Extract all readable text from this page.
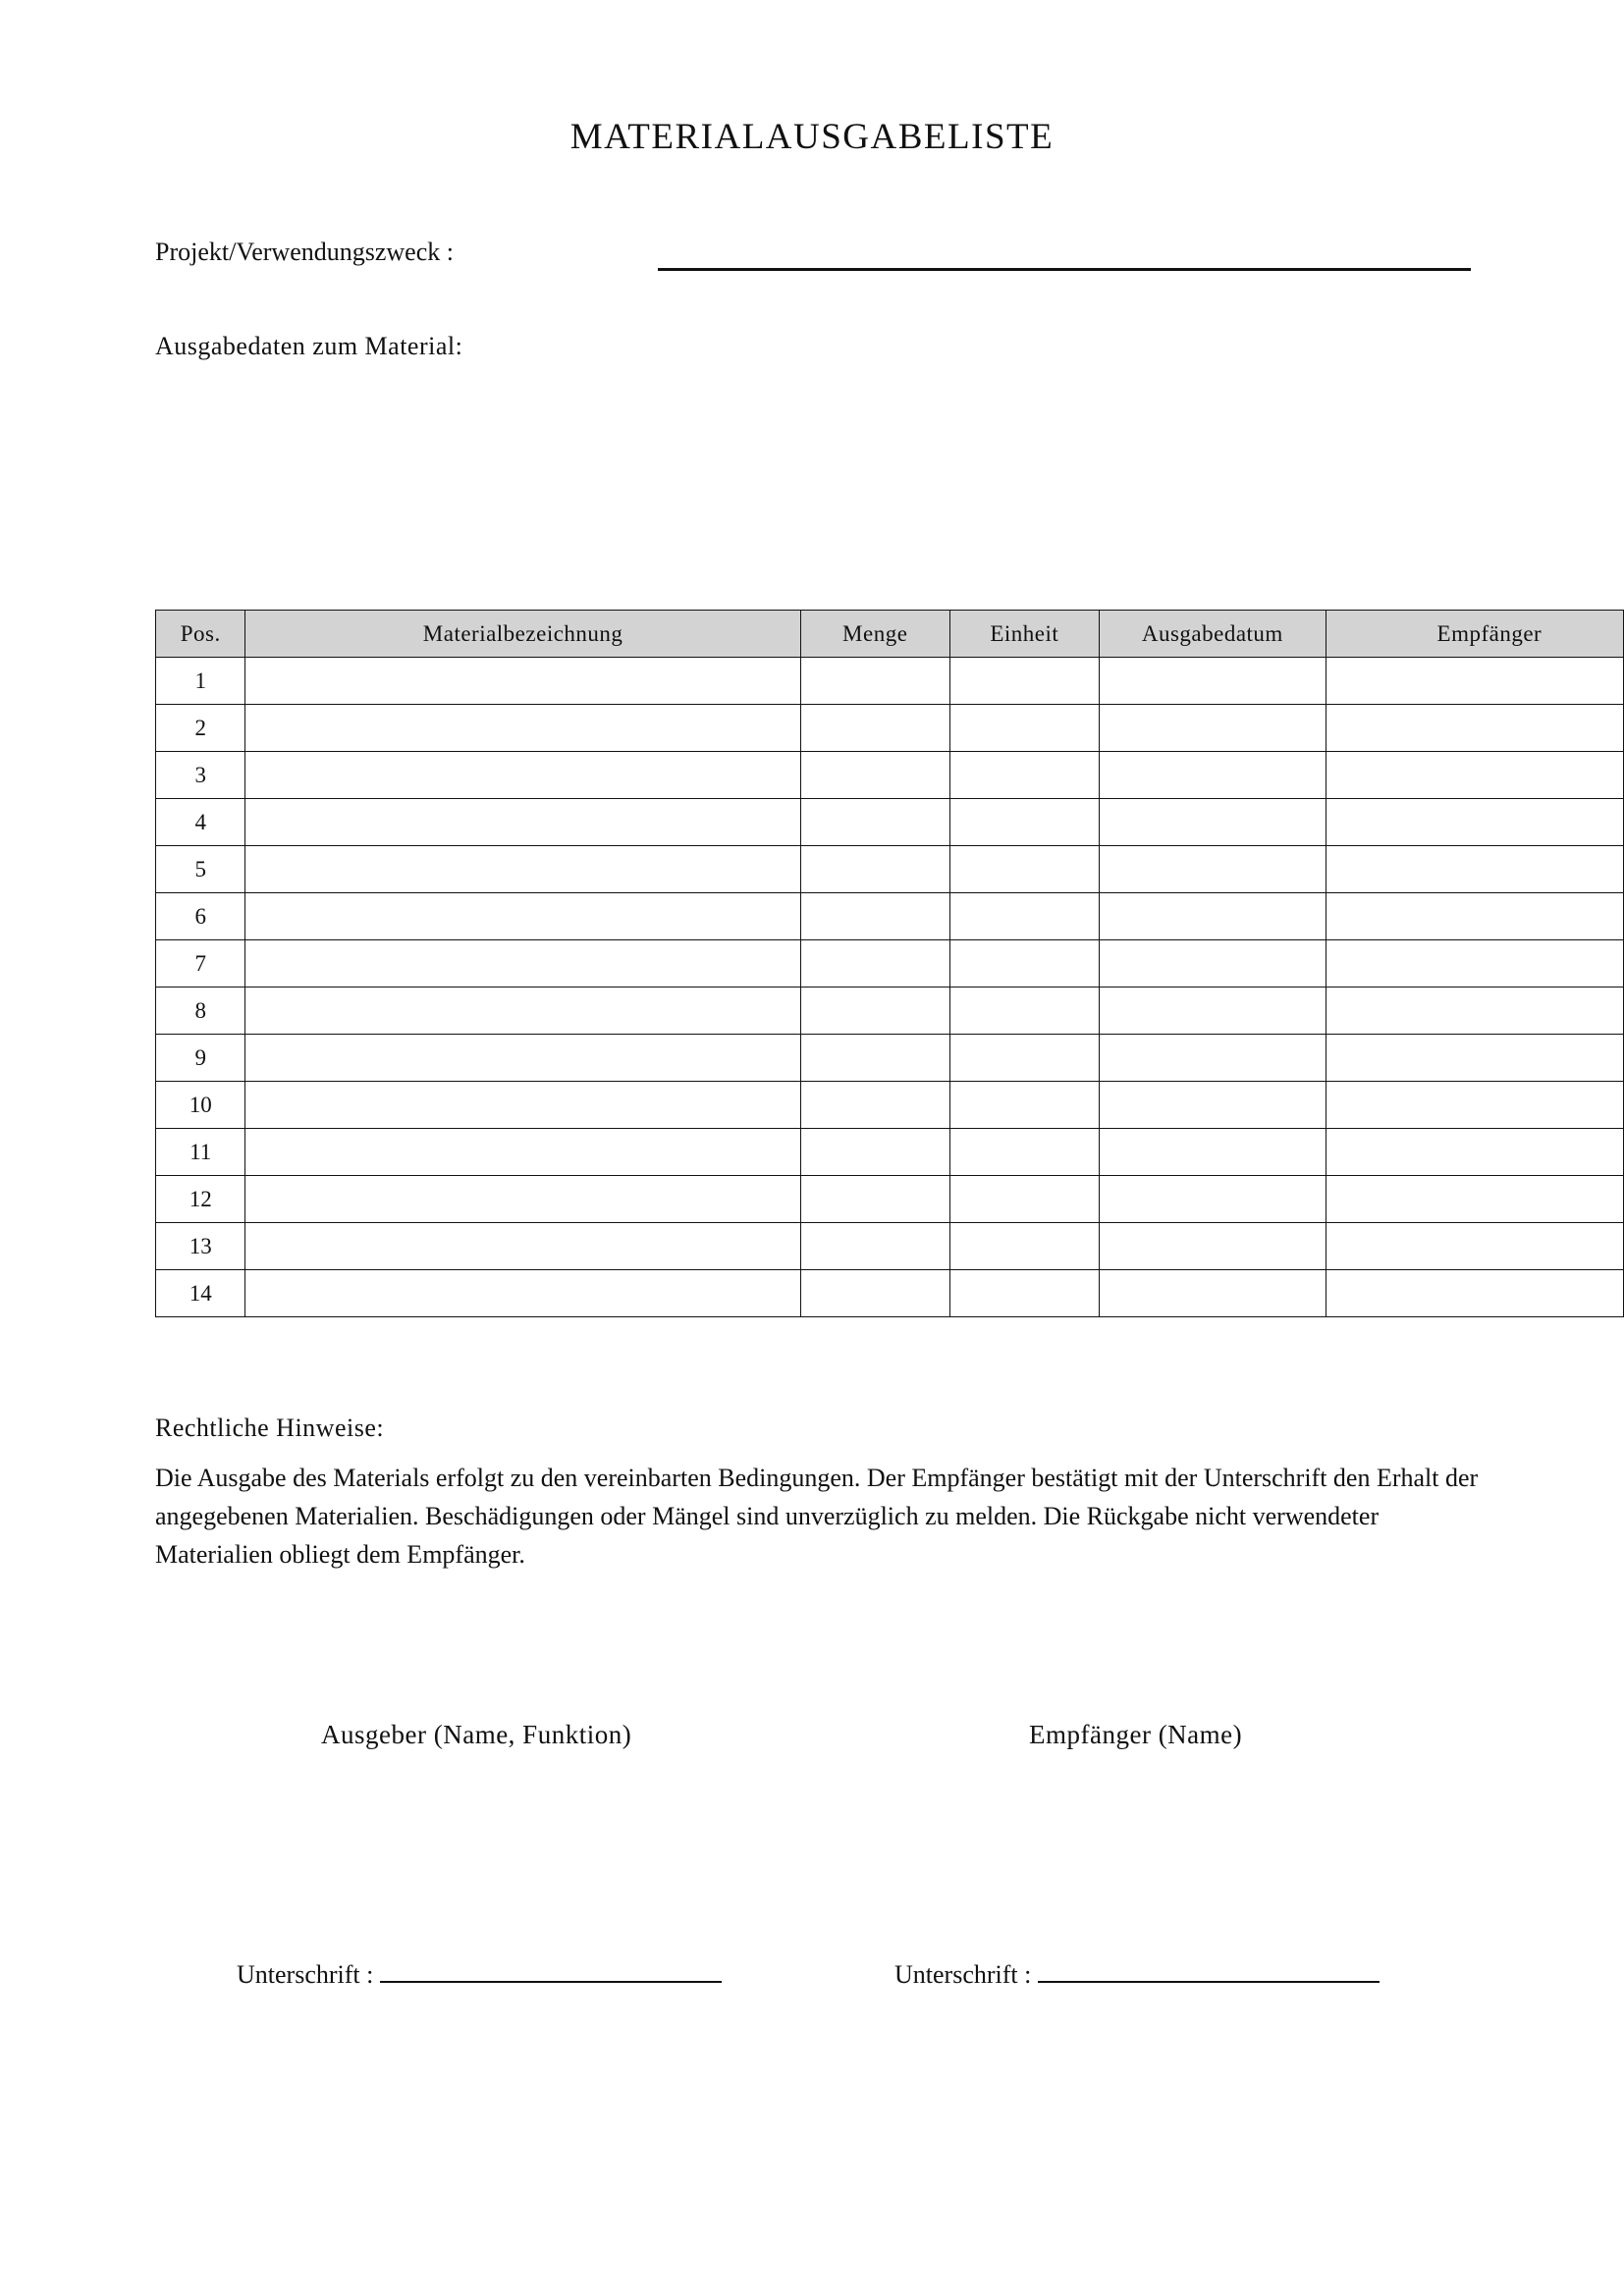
MATERIALAUSGABELISTE
Projekt/Verwendungszweck :
Ausgabedaten zum Material:
Pos.	Materialbezeichnung	Menge	Einheit	Ausgabedatum	Empfänger
1					
2					
3					
4					
5					
6					
7					
8					
9					
10					
11					
12					
13					
14					
Rechtliche Hinweise:
Die Ausgabe des Materials erfolgt zu den vereinbarten Bedingungen. Der Empfänger bestätigt mit der Unterschrift den Erhalt der angegebenen Materialien. Beschädigungen oder Mängel sind unverzüglich zu melden. Die Rückgabe nicht verwendeter Materialien obliegt dem Empfänger.
Ausgeber (Name, Funktion)	Empfänger (Name)
Unterschrift :	Unterschrift :
